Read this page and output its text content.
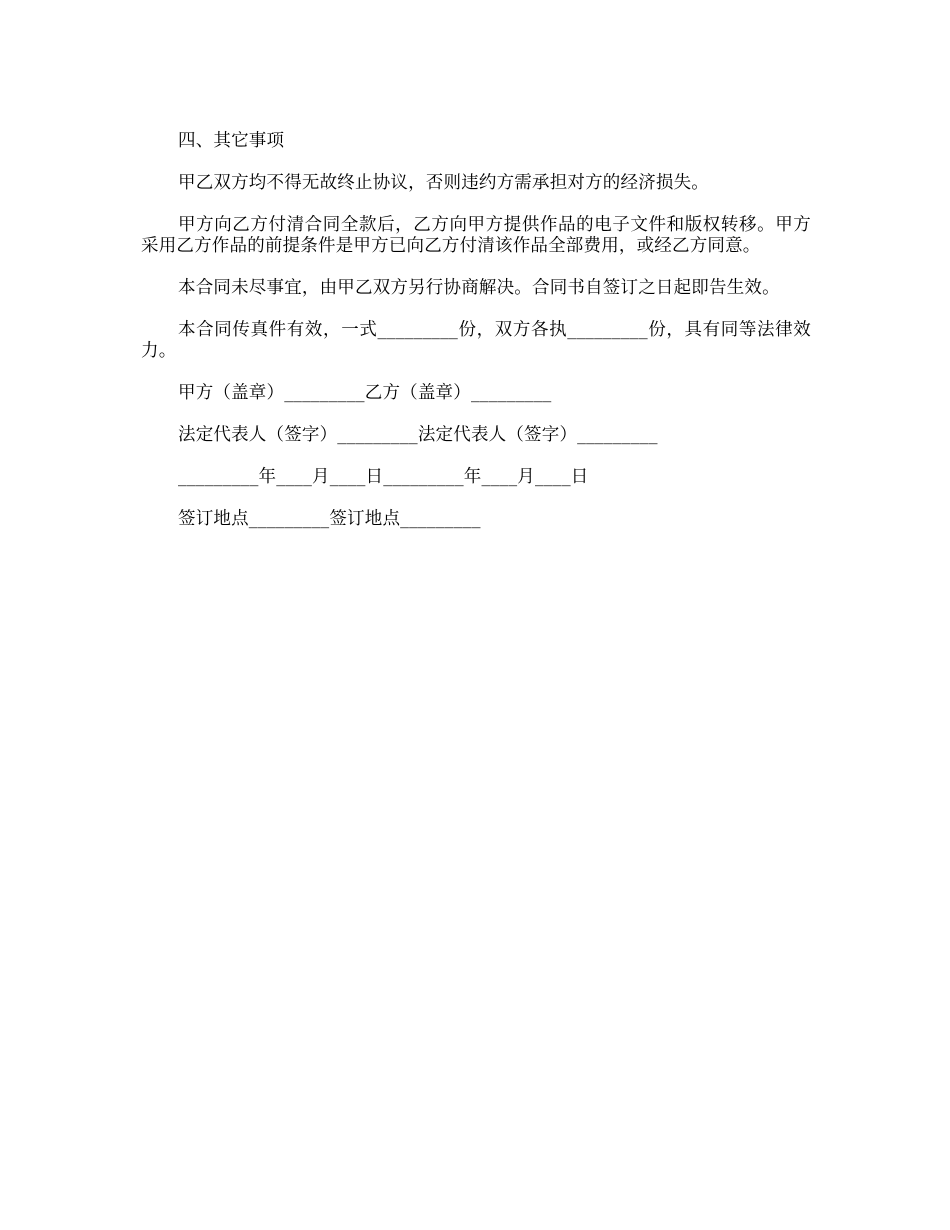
四、其它事项

甲乙双方均不得无故终止协议，否则违约方需承担对方的经济损失。

甲方向乙方付清合同全款后，乙方向甲方提供作品的电子文件和版权转移。甲方采用乙方作品的前提条件是甲方已向乙方付清该作品全部费用，或经乙方同意。

本合同未尽事宜，由甲乙双方另行协商解决。合同书自签订之日起即告生效。

本合同传真件有效，一式_________份，双方各执_________份，具有同等法律效力。

甲方（盖章）_________乙方（盖章）_________

法定代表人（签字）_________法定代表人（签字）_________

_________年____月____日_________年____月____日

签订地点_________签订地点_________
